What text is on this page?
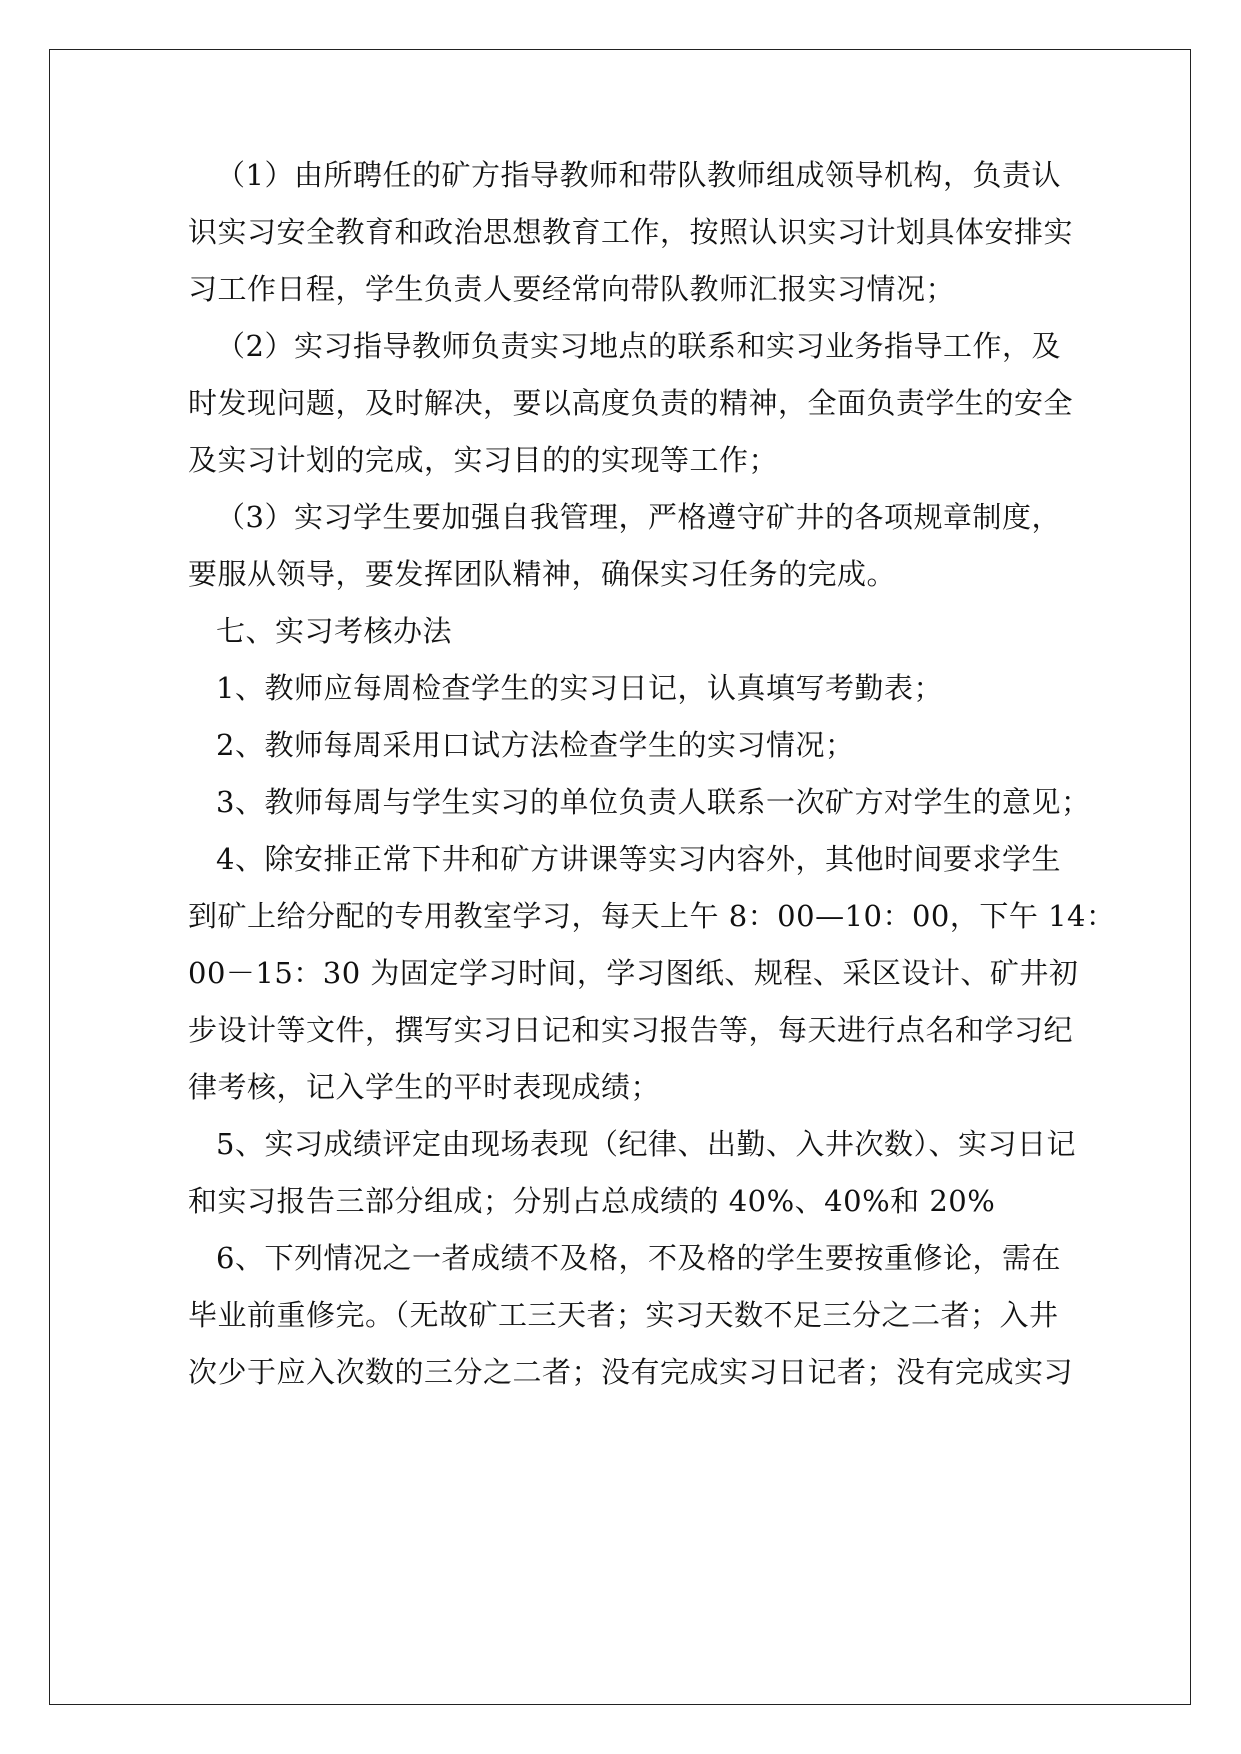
（1）由所聘任的矿方指导教师和带队教师组成领导机构，负责认
识实习安全教育和政治思想教育工作，按照认识实习计划具体安排实
习工作日程，学生负责人要经常向带队教师汇报实习情况；
（2）实习指导教师负责实习地点的联系和实习业务指导工作，及
时发现问题，及时解决，要以高度负责的精神，全面负责学生的安全
及实习计划的完成，实习目的的实现等工作；
（3）实习学生要加强自我管理，严格遵守矿井的各项规章制度，
要服从领导，要发挥团队精神，确保实习任务的完成。
七、实习考核办法
1、教师应每周检查学生的实习日记，认真填写考勤表；
2、教师每周采用口试方法检查学生的实习情况；
3、教师每周与学生实习的单位负责人联系一次矿方对学生的意见；
4、除安排正常下井和矿方讲课等实习内容外，其他时间要求学生
到矿上给分配的专用教室学习，每天上午 8：00—10：00，下午 14：
00－15：30 为固定学习时间，学习图纸、规程、采区设计、矿井初
步设计等文件，撰写实习日记和实习报告等，每天进行点名和学习纪
律考核，记入学生的平时表现成绩；
5、实习成绩评定由现场表现（纪律、出勤、入井次数）、实习日记
和实习报告三部分组成；分别占总成绩的 40%、40%和 20%
6、下列情况之一者成绩不及格，不及格的学生要按重修论，需在
毕业前重修完。（无故矿工三天者；实习天数不足三分之二者；入井
次少于应入次数的三分之二者；没有完成实习日记者；没有完成实习
